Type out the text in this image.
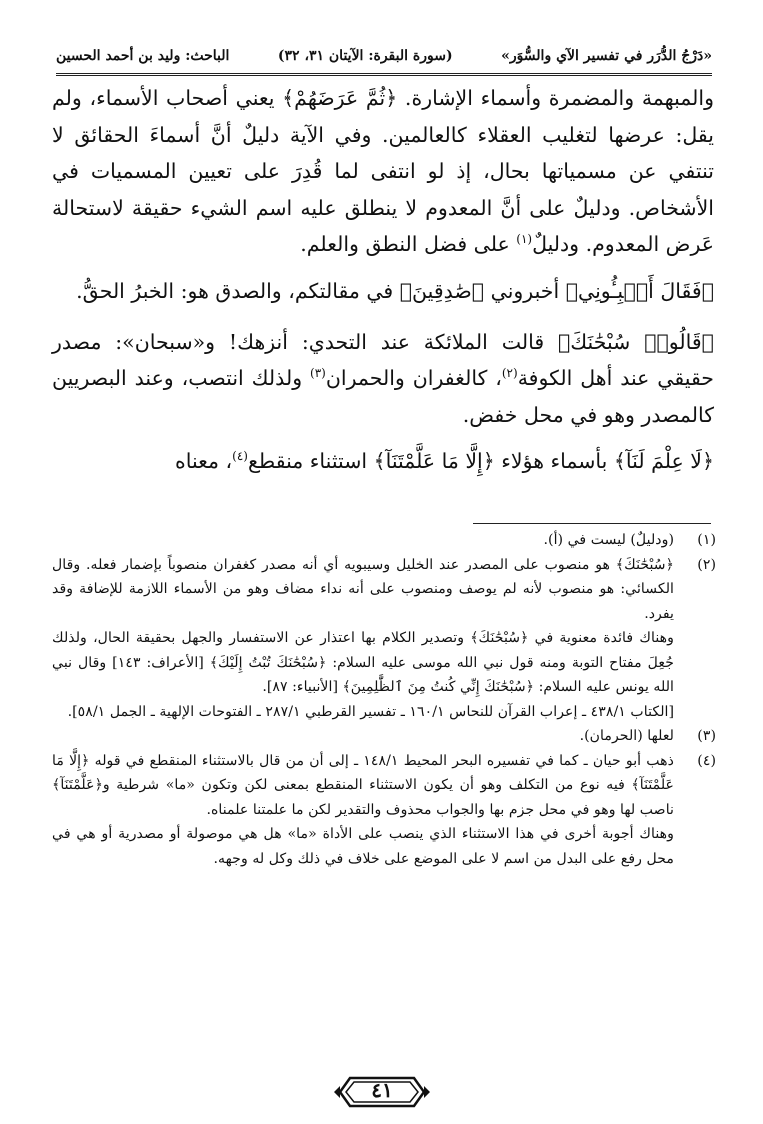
«دَرْجُ الدُّرَر في تفسير الآي والسُّوَر»
(سورة البقرة: الآيتان ٣١، ٣٢)
الباحث: وليد بن أحمد الحسين

والمبهمة والمضمرة وأسماء الإشارة. ﴿ثُمَّ عَرَضَهُمْ﴾ يعني أصحاب الأسماء، ولم يقل: عرضها لتغليب العقلاء كالعالمين. وفي الآية دليلٌ أنَّ أسماءَ الحقائق لا تنتفي عن مسمياتها بحال، إذ لو انتفى لما قُدِرَ على تعيين المسميات في الأشخاص. ودليلٌ على أنَّ المعدوم لا ينطلق عليه اسم الشيء حقيقة لاستحالة عَرض المعدوم. ودليلٌ$^{(١)}$ على فضل النطق والعلم.

﴿فَقَالَ أَنۢبِـُٔونِي﴾ أخبروني ﴿صَٰدِقِينَ﴾ في مقالتكم، والصدق هو: الخبرُ الحقُّ.

﴿قَالُوا۟ سُبْحَٰنَكَ﴾ قالت الملائكة عند التحدي: أنزهك! و«سبحان»: مصدر حقيقي عند أهل الكوفة$^{(٢)}$، كالغفران والحمران$^{(٣)}$ ولذلك انتصب، وعند البصريين كالمصدر وهو في محل خفض.

﴿لَا عِلْمَ لَنَآ﴾ بأسماء هؤلاء ﴿إِلَّا مَا عَلَّمْتَنَآ﴾ استثناء منقطع$^{(٤)}$، معناه

(١)

(ودليلٌ) ليست في (أ).

(٢)

﴿سُبْحَٰنَكَ﴾ هو منصوب على المصدر عند الخليل وسيبويه أي أنه مصدر كغفران منصوباً بإضمار فعله. وقال الكسائي: هو منصوب لأنه لم يوصف ومنصوب على أنه نداء مضاف وهو من الأسماء اللازمة للإضافة وقد يفرد.

وهناك فائدة معنوية في ﴿سُبْحَٰنَكَ﴾ وتصدير الكلام بها اعتذار عن الاستفسار والجهل بحقيقة الحال، ولذلك جُعِلَ مفتاح التوبة ومنه قول نبي الله موسى عليه السلام: ﴿سُبْحَٰنَكَ تُبْتُ إِلَيْكَ﴾ [الأعراف: ١٤٣] وقال نبي الله يونس عليه السلام: ﴿سُبْحَٰنَكَ إِنِّي كُنتُ مِنَ ٱلظَّٰلِمِينَ﴾ [الأنبياء: ٨٧].

[الكتاب ٤٣٨/١ ـ إعراب القرآن للنحاس ١٦٠/١ ـ تفسير القرطبي ٢٨٧/١ ـ الفتوحات الإلهية ـ الجمل ٥٨/١].

(٣)

لعلها (الحرمان).

(٤)

ذهب أبو حيان ـ كما في تفسيره البحر المحيط ١٤٨/١ ـ إلى أن من قال بالاستثناء المنقطع في قوله ﴿إِلَّا مَا عَلَّمْتَنَآ﴾ فيه نوع من التكلف وهو أن يكون الاستثناء المنقطع بمعنى لكن وتكون «ما» شرطية و﴿عَلَّمْتَنَآ﴾ ناصب لها وهو في محل جزم بها والجواب محذوف والتقدير لكن ما علمتنا علمناه.

وهناك أجوبة أخرى في هذا الاستثناء الذي ينصب على الأداة «ما» هل هي موصولة أو مصدرية أو هي في محل رفع على البدل من اسم لا على الموضع على خلاف في ذلك وكل له وجهه.

٤١
